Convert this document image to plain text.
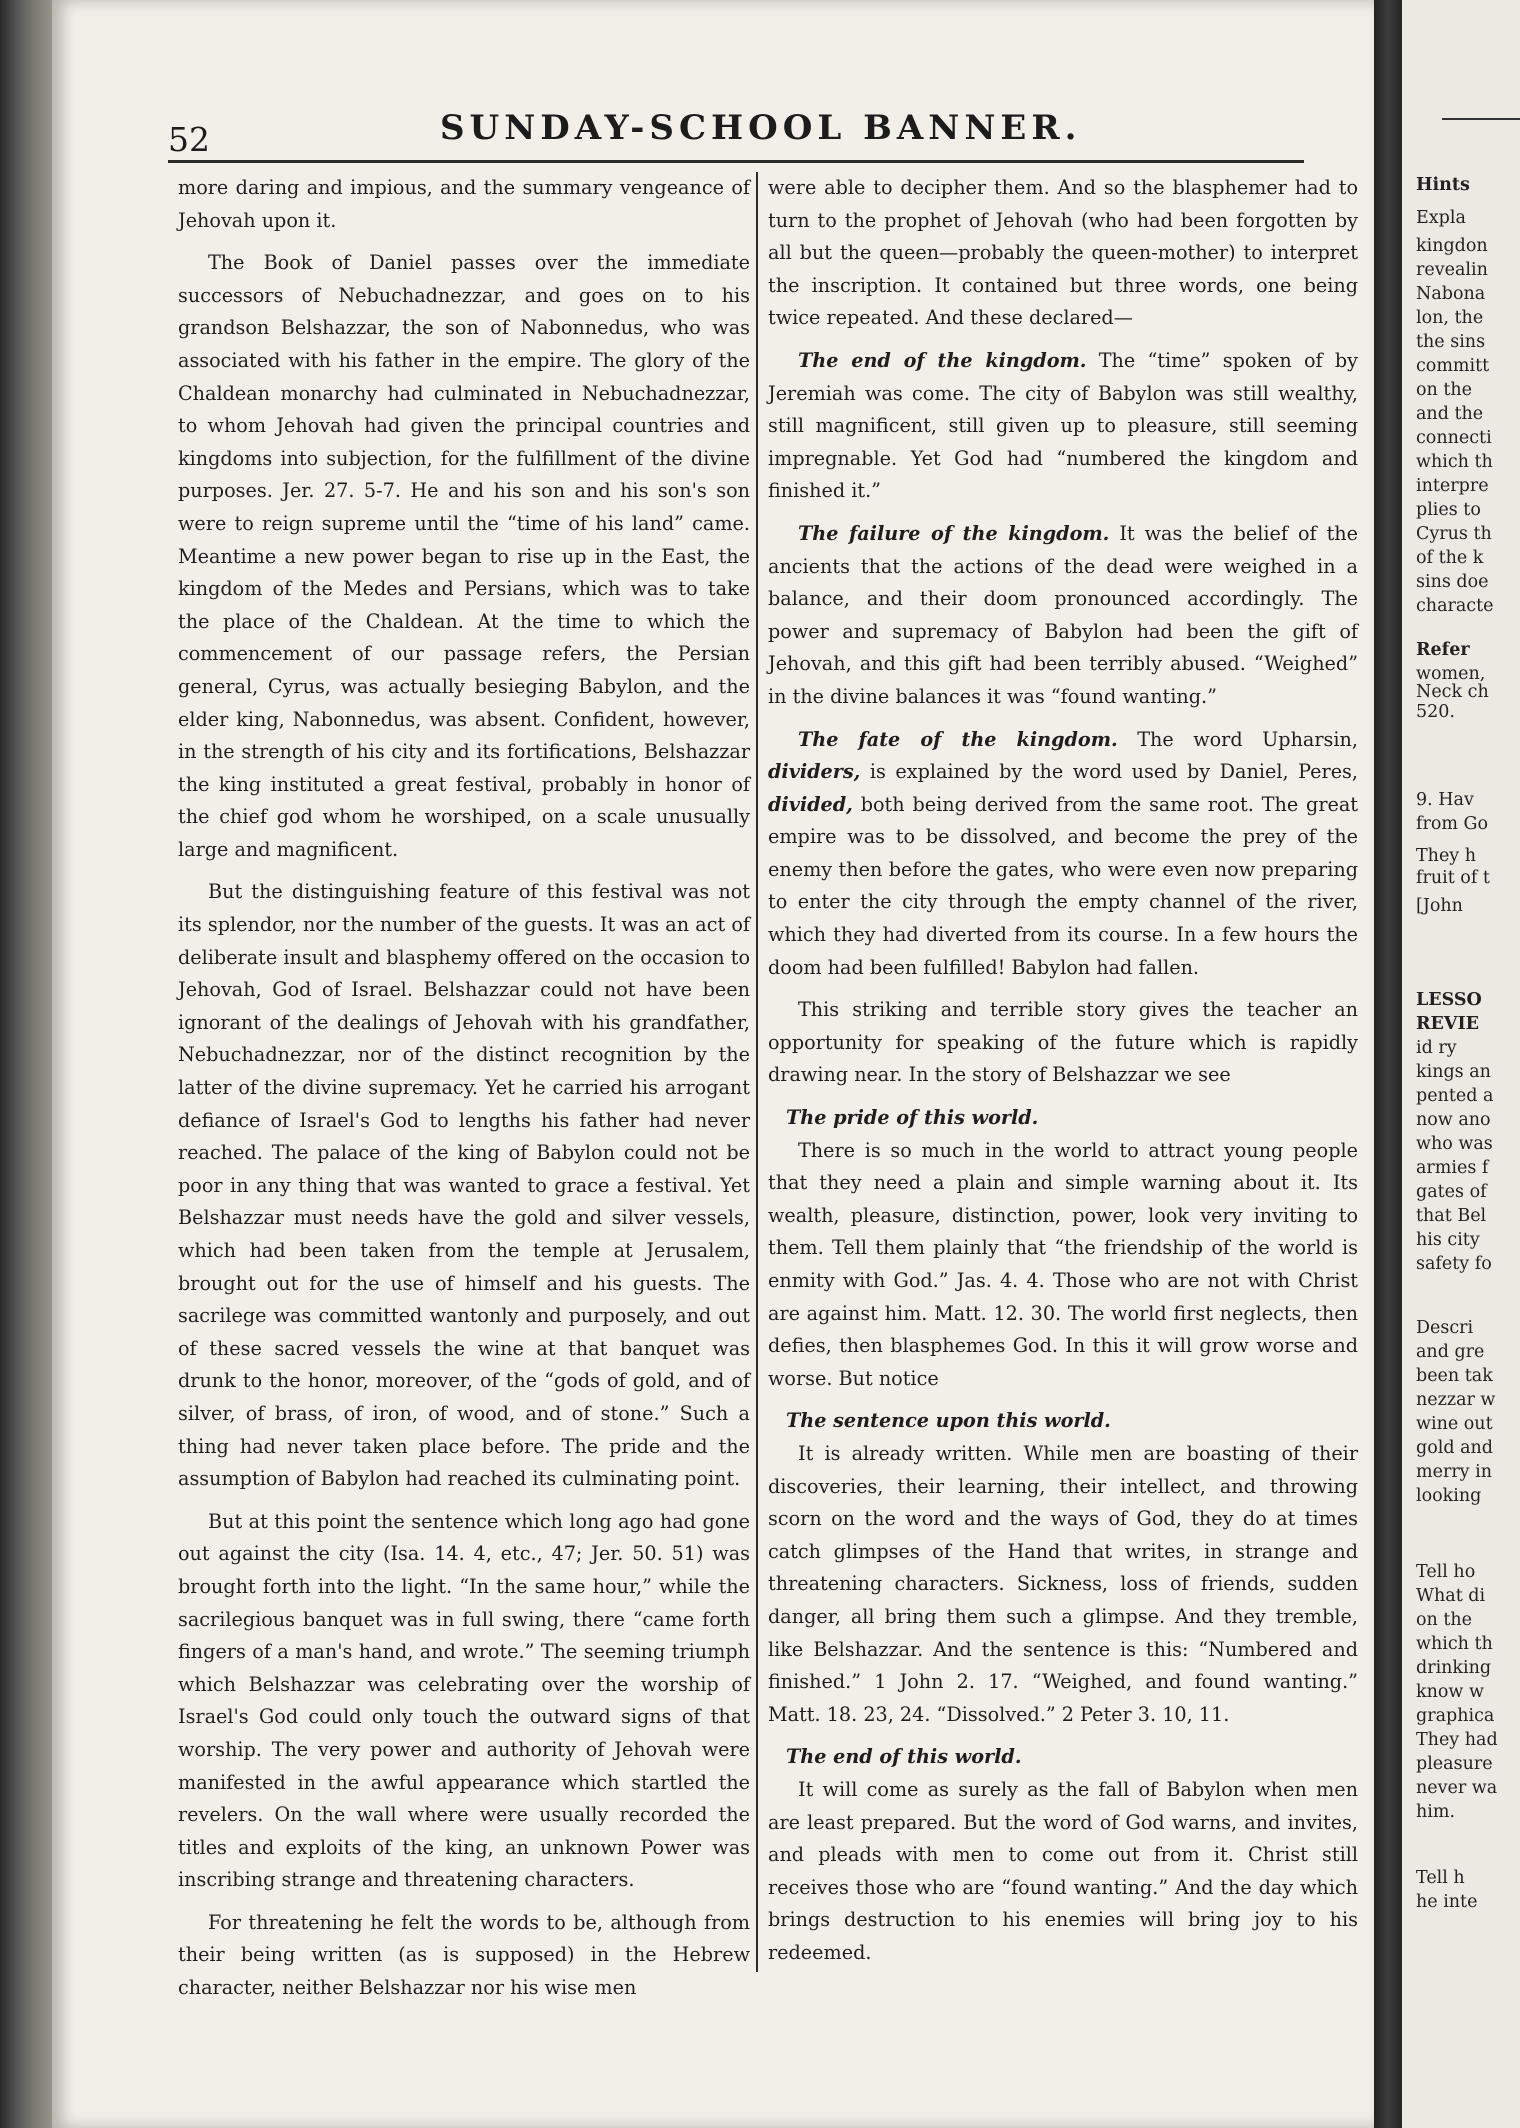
52	SUNDAY-SCHOOL BANNER.

more daring and impious, and the summary vengeance of Jehovah upon it.

The Book of Daniel passes over the immediate successors of Nebuchadnezzar, and goes on to his grandson Belshazzar, the son of Nabonnedus, who was associated with his father in the empire. The glory of the Chaldean monarchy had culminated in Nebuchadnezzar, to whom Jehovah had given the principal countries and kingdoms into subjection, for the fulfillment of the divine purposes. Jer. 27. 5-7. He and his son and his son's son were to reign supreme until the “time of his land” came. Meantime a new power began to rise up in the East, the kingdom of the Medes and Persians, which was to take the place of the Chaldean. At the time to which the commencement of our passage refers, the Persian general, Cyrus, was actually besieging Babylon, and the elder king, Nabonnedus, was absent. Confident, however, in the strength of his city and its fortifications, Belshazzar the king instituted a great festival, probably in honor of the chief god whom he worshiped, on a scale unusually large and magnificent.

But the distinguishing feature of this festival was not its splendor, nor the number of the guests. It was an act of deliberate insult and blasphemy offered on the occasion to Jehovah, God of Israel. Belshazzar could not have been ignorant of the dealings of Jehovah with his grandfather, Nebuchadnezzar, nor of the distinct recognition by the latter of the divine supremacy. Yet he carried his arrogant defiance of Israel's God to lengths his father had never reached. The palace of the king of Babylon could not be poor in any thing that was wanted to grace a festival. Yet Belshazzar must needs have the gold and silver vessels, which had been taken from the temple at Jerusalem, brought out for the use of himself and his guests. The sacrilege was committed wantonly and purposely, and out of these sacred vessels the wine at that banquet was drunk to the honor, moreover, of the “gods of gold, and of silver, of brass, of iron, of wood, and of stone.” Such a thing had never taken place before. The pride and the assumption of Babylon had reached its culminating point.

But at this point the sentence which long ago had gone out against the city (Isa. 14. 4, etc., 47; Jer. 50. 51) was brought forth into the light. “In the same hour,” while the sacrilegious banquet was in full swing, there “came forth fingers of a man's hand, and wrote.” The seeming triumph which Belshazzar was celebrating over the worship of Israel's God could only touch the outward signs of that worship. The very power and authority of Jehovah were manifested in the awful appearance which startled the revelers. On the wall where were usually recorded the titles and exploits of the king, an unknown Power was inscribing strange and threatening characters.

For threatening he felt the words to be, although from their being written (as is supposed) in the Hebrew character, neither Belshazzar nor his wise men

were able to decipher them. And so the blasphemer had to turn to the prophet of Jehovah (who had been forgotten by all but the queen—probably the queen-mother) to interpret the inscription. It contained but three words, one being twice repeated. And these declared—

The end of the kingdom. The “time” spoken of by Jeremiah was come. The city of Babylon was still wealthy, still magnificent, still given up to pleasure, still seeming impregnable. Yet God had “numbered the kingdom and finished it.”

The failure of the kingdom. It was the belief of the ancients that the actions of the dead were weighed in a balance, and their doom pronounced accordingly. The power and supremacy of Babylon had been the gift of Jehovah, and this gift had been terribly abused. “Weighed” in the divine balances it was “found wanting.”

The fate of the kingdom. The word Upharsin, dividers, is explained by the word used by Daniel, Peres, divided, both being derived from the same root. The great empire was to be dissolved, and become the prey of the enemy then before the gates, who were even now preparing to enter the city through the empty channel of the river, which they had diverted from its course. In a few hours the doom had been fulfilled! Babylon had fallen.

This striking and terrible story gives the teacher an opportunity for speaking of the future which is rapidly drawing near. In the story of Belshazzar we see

The pride of this world.

There is so much in the world to attract young people that they need a plain and simple warning about it. Its wealth, pleasure, distinction, power, look very inviting to them. Tell them plainly that “the friendship of the world is enmity with God.” Jas. 4. 4. Those who are not with Christ are against him. Matt. 12. 30. The world first neglects, then defies, then blasphemes God. In this it will grow worse and worse. But notice

The sentence upon this world.

It is already written. While men are boasting of their discoveries, their learning, their intellect, and throwing scorn on the word and the ways of God, they do at times catch glimpses of the Hand that writes, in strange and threatening characters. Sickness, loss of friends, sudden danger, all bring them such a glimpse. And they tremble, like Belshazzar. And the sentence is this: “Numbered and finished.” 1 John 2. 17. “Weighed, and found wanting.” Matt. 18. 23, 24. “Dissolved.” 2 Peter 3. 10, 11.

The end of this world.

It will come as surely as the fall of Babylon when men are least prepared. But the word of God warns, and invites, and pleads with men to come out from it. Christ still receives those who are “found wanting.” And the day which brings destruction to his enemies will bring joy to his redeemed.

Hints
Expla
kingdon
revealin
Nabona
lon, the
the sins
committ
on the
and the
connecti
which th
interpre
plies to
Cyrus th
of the k
sins doe
characte
Refer
women,
Neck ch
520.
9. Hav
from Go
They h
fruit of t
[John
LESSO
REVIE
id ry
kings an
pented a
now ano
who was
armies f
gates of
that Bel
his city
safety fo
Descri
and gre
been tak
nezzar w
wine out
gold and
merry in
looking
Tell ho
What di
on the
which th
drinking
know w
graphica
They had
pleasure
never wa
him.
Tell h
he inte
